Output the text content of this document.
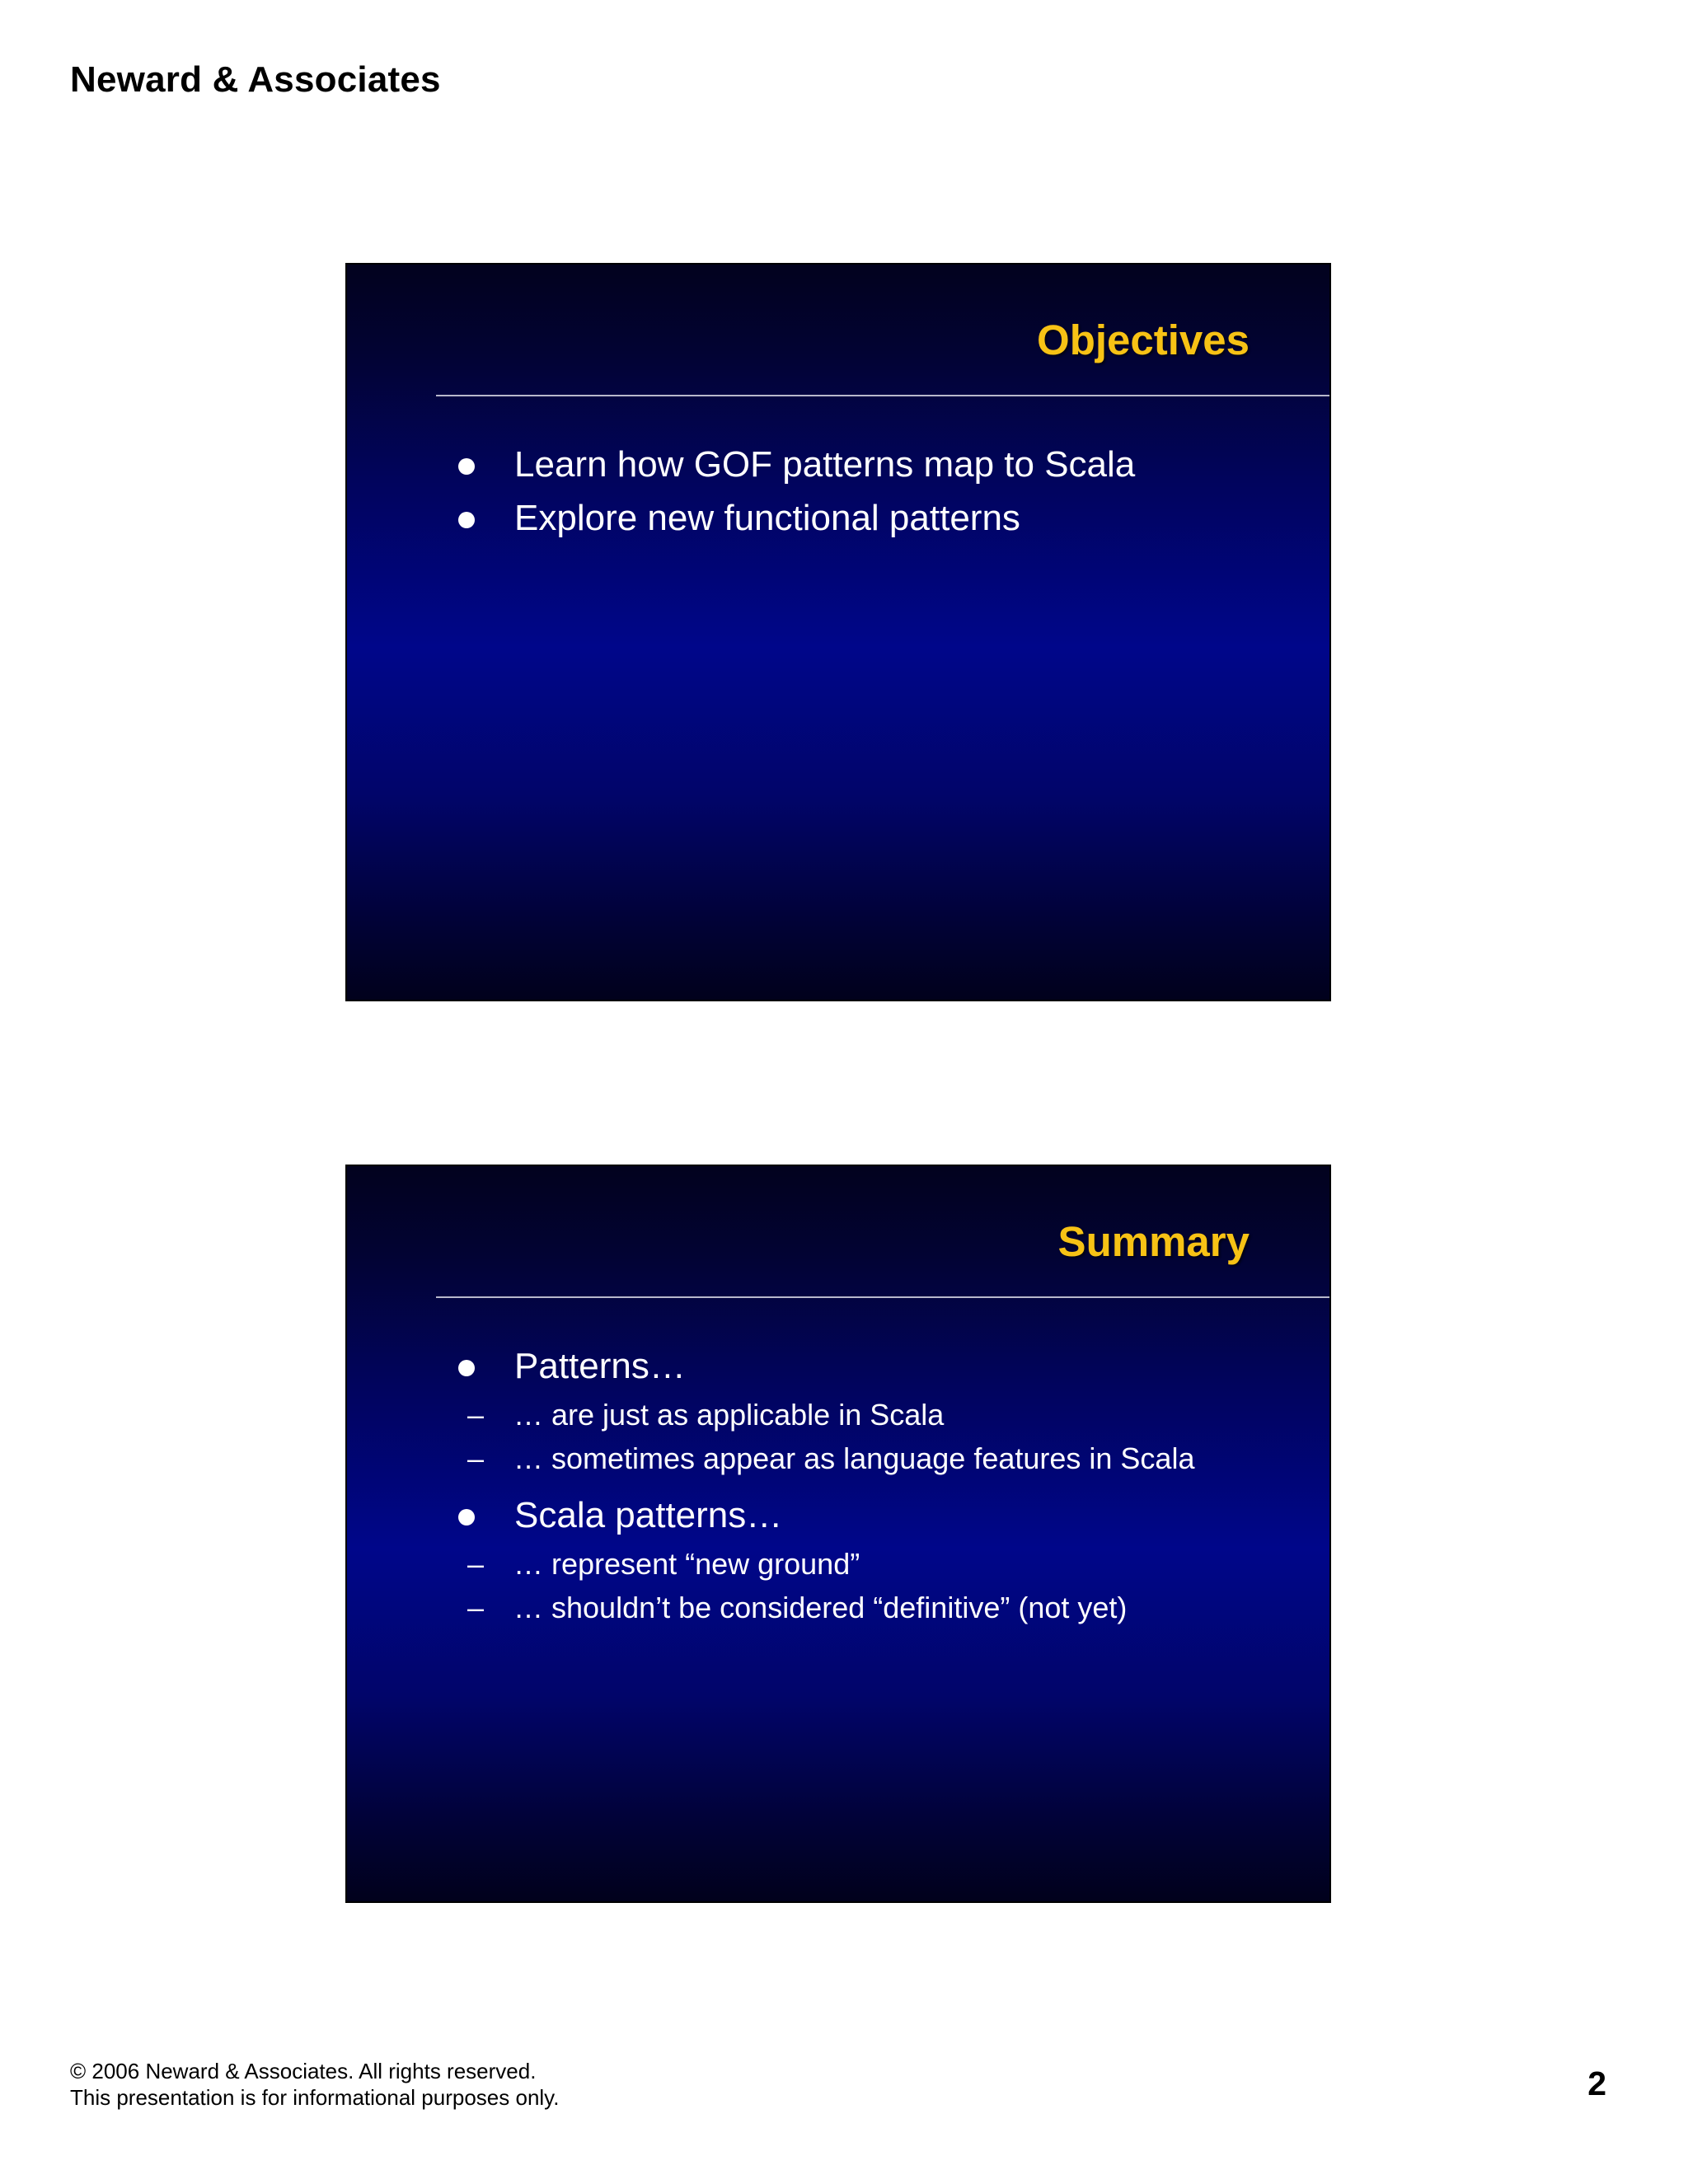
Neward & Associates
Objectives
Learn how GOF patterns map to Scala
Explore new functional patterns
Summary
Patterns…
– … are just as applicable in Scala
– … sometimes appear as language features in Scala
Scala patterns…
– … represent “new ground”
– … shouldn’t be considered “definitive” (not yet)
© 2006 Neward & Associates. All rights reserved.
This presentation is for informational purposes only.	2
